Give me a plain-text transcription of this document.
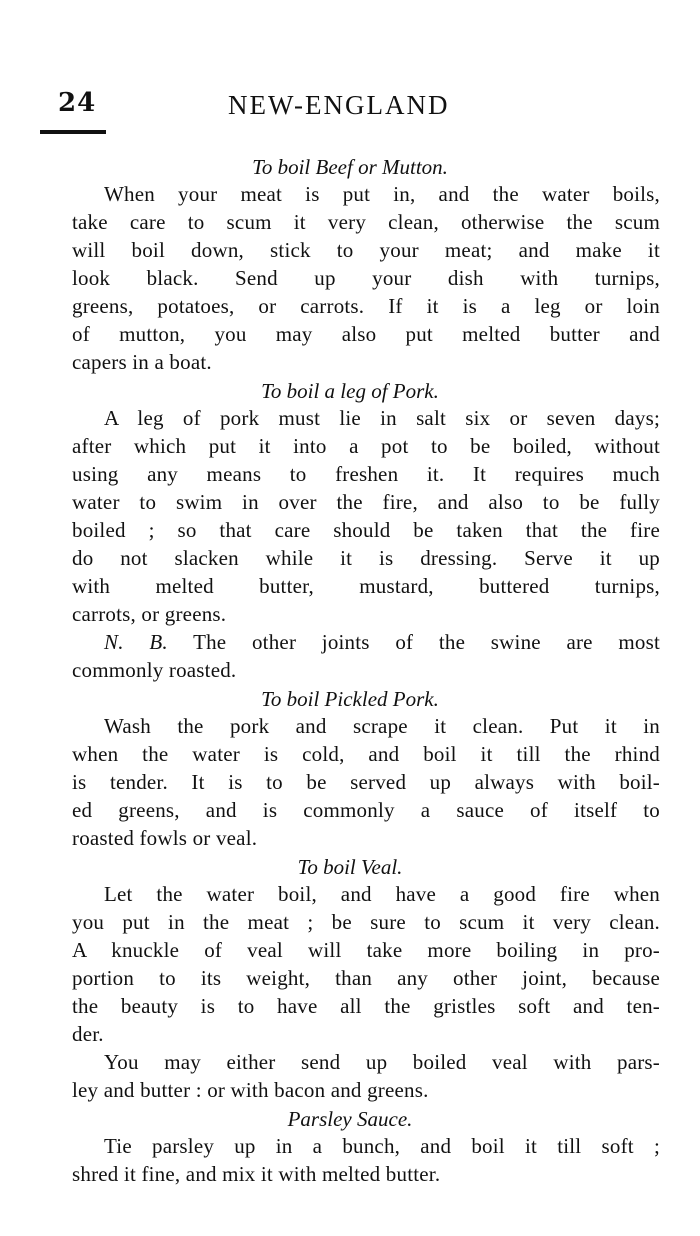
24	NEW-ENGLAND
To boil Beef or Mutton.
When your meat is put in, and the water boils,
take care to scum it very clean, otherwise the scum
will boil down, stick to your meat; and make it
look black. Send up your dish with turnips,
greens, potatoes, or carrots. If it is a leg or loin
of mutton, you may also put melted butter and
capers in a boat.
To boil a leg of Pork.
A leg of pork must lie in salt six or seven days;
after which put it into a pot to be boiled, without
using any means to freshen it. It requires much
water to swim in over the fire, and also to be fully
boiled ; so that care should be taken that the fire
do not slacken while it is dressing. Serve it up
with melted butter, mustard, buttered turnips,
carrots, or greens.
N. B. The other joints of the swine are most
commonly roasted.
To boil Pickled Pork.
Wash the pork and scrape it clean. Put it in
when the water is cold, and boil it till the rhind
is tender. It is to be served up always with boil-
ed greens, and is commonly a sauce of itself to
roasted fowls or veal.
To boil Veal.
Let the water boil, and have a good fire when
you put in the meat ; be sure to scum it very clean.
A knuckle of veal will take more boiling in pro-
portion to its weight, than any other joint, because
the beauty is to have all the gristles soft and ten-
der.
You may either send up boiled veal with pars-
ley and butter : or with bacon and greens.
Parsley Sauce.
Tie parsley up in a bunch, and boil it till soft ;
shred it fine, and mix it with melted butter.
